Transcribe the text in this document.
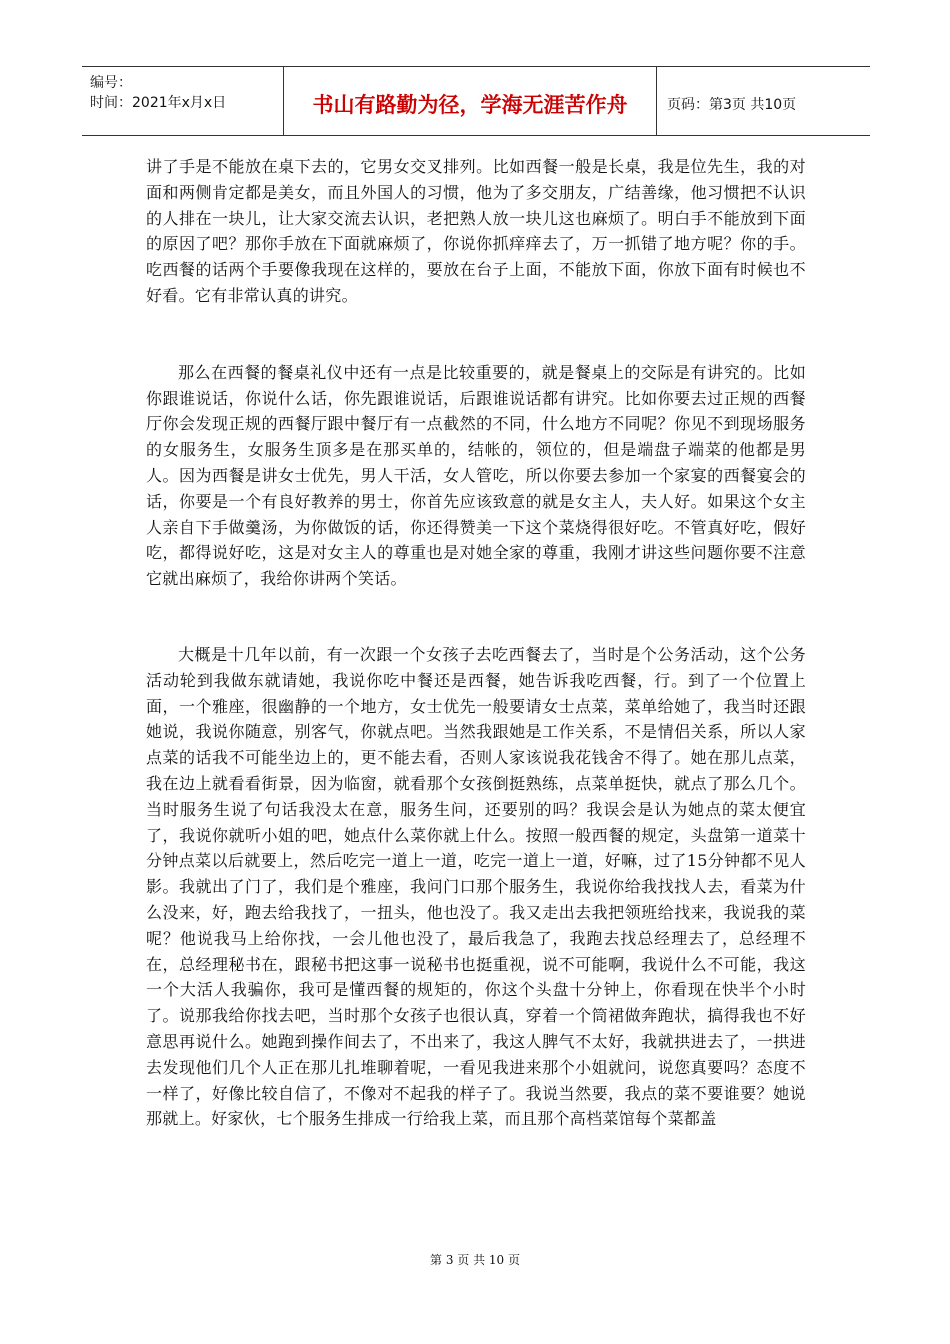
编号：
时间：2021年x月x日	书山有路勤为径，学海无涯苦作舟	页码：第3页 共10页

讲了手是不能放在桌下去的，它男女交叉排列。比如西餐一般是长桌，我是位先生，我的对面和两侧肯定都是美女，而且外国人的习惯，他为了多交朋友，广结善缘，他习惯把不认识的人排在一块儿，让大家交流去认识，老把熟人放一块儿这也麻烦了。明白手不能放到下面的原因了吧？那你手放在下面就麻烦了，你说你抓痒痒去了，万一抓错了地方呢？你的手。吃西餐的话两个手要像我现在这样的，要放在台子上面，不能放下面，你放下面有时候也不好看。它有非常认真的讲究。

那么在西餐的餐桌礼仪中还有一点是比较重要的，就是餐桌上的交际是有讲究的。比如你跟谁说话，你说什么话，你先跟谁说话，后跟谁说话都有讲究。比如你要去过正规的西餐厅你会发现正规的西餐厅跟中餐厅有一点截然的不同，什么地方不同呢？你见不到现场服务的女服务生，女服务生顶多是在那买单的，结帐的，领位的，但是端盘子端菜的他都是男人。因为西餐是讲女士优先，男人干活，女人管吃，所以你要去参加一个家宴的西餐宴会的话，你要是一个有良好教养的男士，你首先应该致意的就是女主人，夫人好。如果这个女主人亲自下手做羹汤，为你做饭的话，你还得赞美一下这个菜烧得很好吃。不管真好吃，假好吃，都得说好吃，这是对女主人的尊重也是对她全家的尊重，我刚才讲这些问题你要不注意它就出麻烦了，我给你讲两个笑话。

大概是十几年以前，有一次跟一个女孩子去吃西餐去了，当时是个公务活动，这个公务活动轮到我做东就请她，我说你吃中餐还是西餐，她告诉我吃西餐，行。到了一个位置上面，一个雅座，很幽静的一个地方，女士优先一般要请女士点菜，菜单给她了，我当时还跟她说，我说你随意，别客气，你就点吧。当然我跟她是工作关系，不是情侣关系，所以人家点菜的话我不可能坐边上的，更不能去看，否则人家该说我花钱舍不得了。她在那儿点菜，我在边上就看看街景，因为临窗，就看那个女孩倒挺熟练，点菜单挺快，就点了那么几个。当时服务生说了句话我没太在意，服务生问，还要别的吗？我误会是认为她点的菜太便宜了，我说你就听小姐的吧，她点什么菜你就上什么。按照一般西餐的规定，头盘第一道菜十分钟点菜以后就要上，然后吃完一道上一道，吃完一道上一道，好嘛，过了15分钟都不见人影。我就出了门了，我们是个雅座，我问门口那个服务生，我说你给我找找人去，看菜为什么没来，好，跑去给我找了，一扭头，他也没了。我又走出去我把领班给找来，我说我的菜呢？他说我马上给你找，一会儿他也没了，最后我急了，我跑去找总经理去了，总经理不在，总经理秘书在，跟秘书把这事一说秘书也挺重视，说不可能啊，我说什么不可能，我这一个大活人我骗你，我可是懂西餐的规矩的，你这个头盘十分钟上，你看现在快半个小时了。说那我给你找去吧，当时那个女孩子也很认真，穿着一个筒裙做奔跑状，搞得我也不好意思再说什么。她跑到操作间去了，不出来了，我这人脾气不太好，我就拱进去了，一拱进去发现他们几个人正在那儿扎堆聊着呢，一看见我进来那个小姐就问，说您真要吗？态度不一样了，好像比较自信了，不像对不起我的样子了。我说当然要，我点的菜不要谁要？她说那就上。好家伙，七个服务生排成一行给我上菜，而且那个高档菜馆每个菜都盖

第 3 页 共 10 页
